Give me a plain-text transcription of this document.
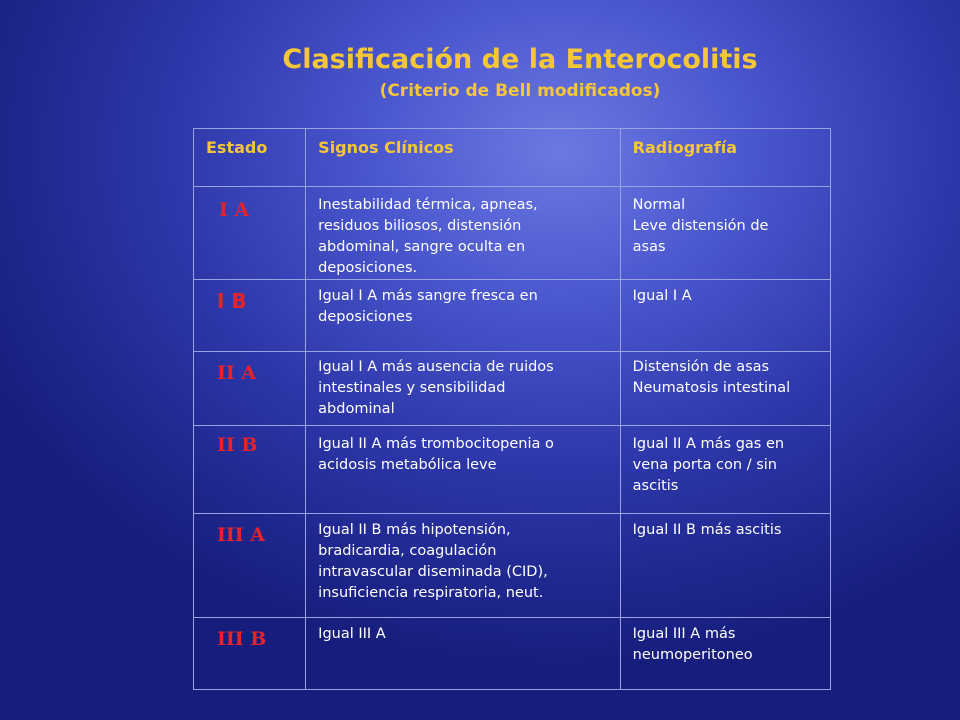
Clasificación de la Enterocolitis
(Criterio de Bell modificados)
Estado	Signos Clínicos	Radiografía

I A	Inestabilidad térmica, apneas,
residuos biliosos, distensión
abdominal, sangre oculta en
deposiciones.	Normal
Leve distensión de
asas

I B	Igual I A más sangre fresca en
deposiciones	Igual I A

II A	Igual I A más ausencia de ruidos
intestinales y sensibilidad
abdominal	Distensión de asas
Neumatosis intestinal

II B	Igual II A más trombocitopenia o
acidosis metabólica leve	Igual II A más gas en
vena porta con / sin
ascitis

III A	Igual II B más hipotensión,
bradicardia, coagulación
intravascular diseminada (CID),
insuficiencia respiratoria, neut.	Igual II B más ascitis

III B	Igual III A	Igual III A más
neumoperitoneo
